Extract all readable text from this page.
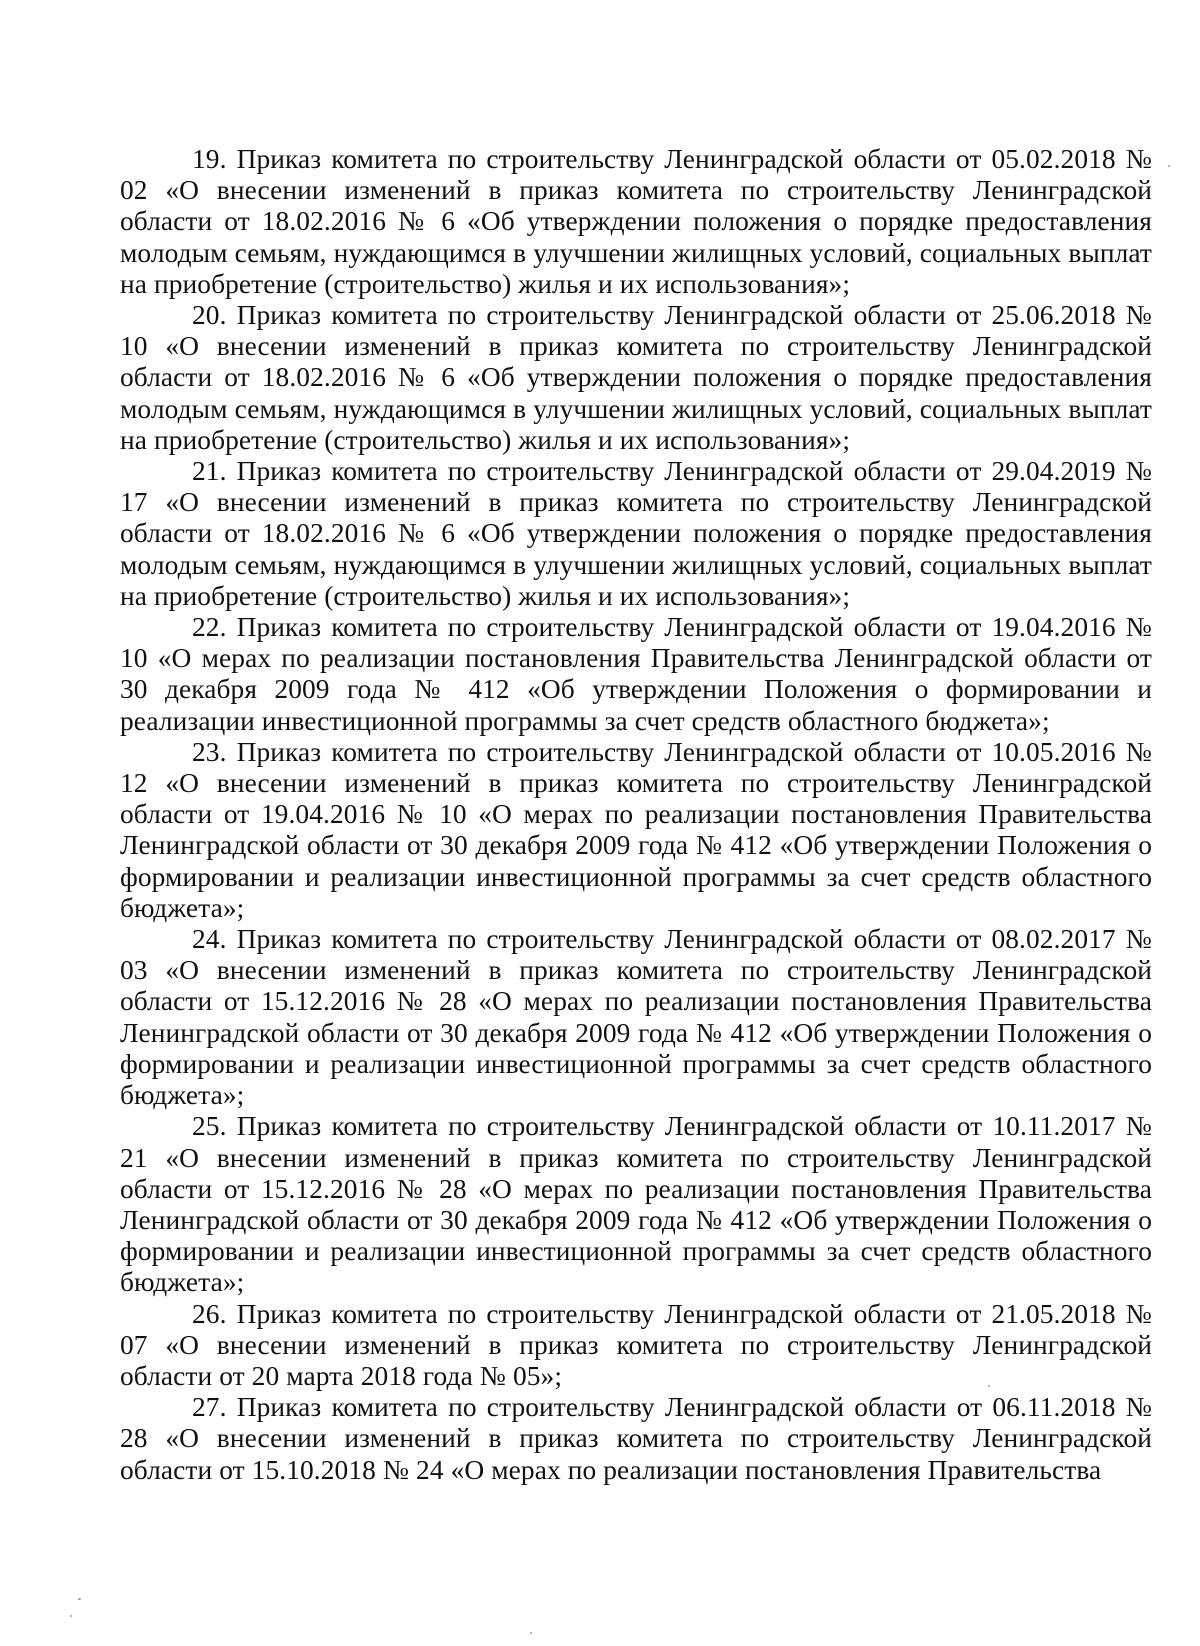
19. Приказ комитета по строительству Ленинградской области от 05.02.2018 № 02 «О внесении изменений в приказ комитета по строительству Ленинградской области от 18.02.2016 № 6 «Об утверждении положения о порядке предоставления молодым семьям, нуждающимся в улучшении жилищных условий, социальных выплат на приобретение (строительство) жилья и их использования»;

20. Приказ комитета по строительству Ленинградской области от 25.06.2018 № 10 «О внесении изменений в приказ комитета по строительству Ленинградской области от 18.02.2016 № 6 «Об утверждении положения о порядке предоставления молодым семьям, нуждающимся в улучшении жилищных условий, социальных выплат на приобретение (строительство) жилья и их использования»;

21. Приказ комитета по строительству Ленинградской области от 29.04.2019 № 17 «О внесении изменений в приказ комитета по строительству Ленинградской области от 18.02.2016 № 6 «Об утверждении положения о порядке предоставления молодым семьям, нуждающимся в улучшении жилищных условий, социальных выплат на приобретение (строительство) жилья и их использования»;

22. Приказ комитета по строительству Ленинградской области от 19.04.2016 № 10 «О мерах по реализации постановления Правительства Ленинградской области от 30 декабря 2009 года № 412 «Об утверждении Положения о формировании и реализации инвестиционной программы за счет средств областного бюджета»;

23. Приказ комитета по строительству Ленинградской области от 10.05.2016 № 12 «О внесении изменений в приказ комитета по строительству Ленинградской области от 19.04.2016 № 10 «О мерах по реализации постановления Правительства Ленинградской области от 30 декабря 2009 года № 412 «Об утверждении Положения о формировании и реализации инвестиционной программы за счет средств областного бюджета»;

24. Приказ комитета по строительству Ленинградской области от 08.02.2017 № 03 «О внесении изменений в приказ комитета по строительству Ленинградской области от 15.12.2016 № 28 «О мерах по реализации постановления Правительства Ленинградской области от 30 декабря 2009 года № 412 «Об утверждении Положения о формировании и реализации инвестиционной программы за счет средств областного бюджета»;

25. Приказ комитета по строительству Ленинградской области от 10.11.2017 № 21 «О внесении изменений в приказ комитета по строительству Ленинградской области от 15.12.2016 № 28 «О мерах по реализации постановления Правительства Ленинградской области от 30 декабря 2009 года № 412 «Об утверждении Положения о формировании и реализации инвестиционной программы за счет средств областного бюджета»;

26. Приказ комитета по строительству Ленинградской области от 21.05.2018 № 07 «О внесении изменений в приказ комитета по строительству Ленинградской области от 20 марта 2018 года № 05»;

27. Приказ комитета по строительству Ленинградской области от 06.11.2018 № 28 «О внесении изменений в приказ комитета по строительству Ленинградской области от 15.10.2018 № 24 «О мерах по реализации постановления Правительства
